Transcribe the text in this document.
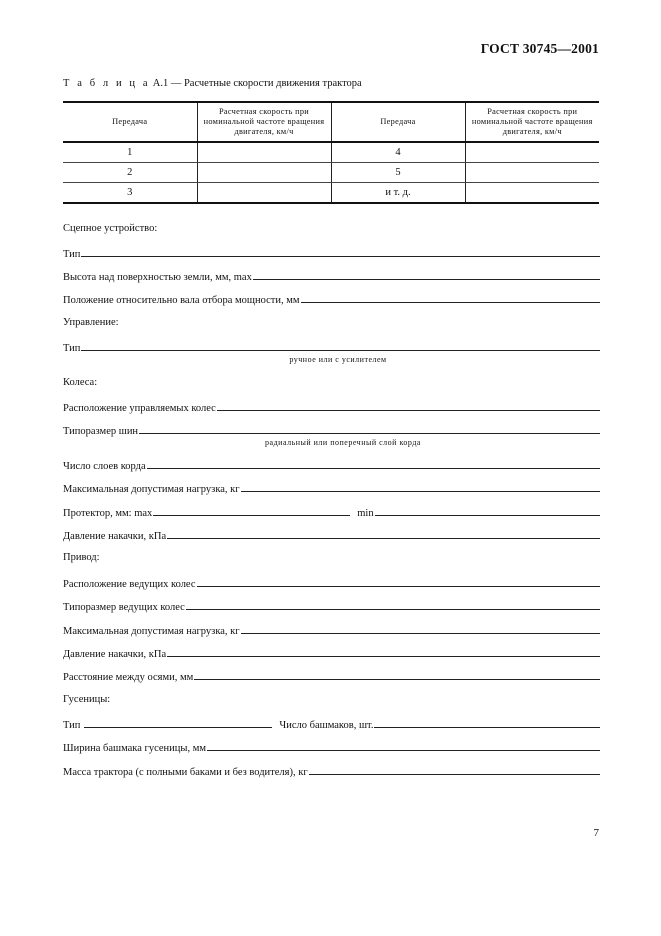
ГОСТ 30745—2001
Т а б л и ц а А.1 — Расчетные скорости движения трактора
Передача	Расчетная скорость при номинальной частоте вращения двигателя, км/ч	Передача	Расчетная скорость при номинальной частоте вращения двигателя, км/ч
1		4	
2		5	
3		и т. д.	
Сцепное устройство:
Тип
Высота над поверхностью земли, мм, max
Положение относительно вала отбора мощности, мм
Управление:
Тип
ручное или с усилителем
Колеса:
Расположение управляемых колес
Типоразмер шин
радиальный или поперечный слой корда
Число слоев корда
Максимальная допустимая нагрузка, кг
Протектор, мм: max	min
Давление накачки, кПа
Привод:
Расположение ведущих колес
Типоразмер ведущих колес
Максимальная допустимая нагрузка, кг
Давление накачки, кПа
Расстояние между осями, мм
Гусеницы:
Тип	Число башмаков, шт.
Ширина башмака гусеницы, мм
Масса трактора (с полными баками и без водителя), кг
7
